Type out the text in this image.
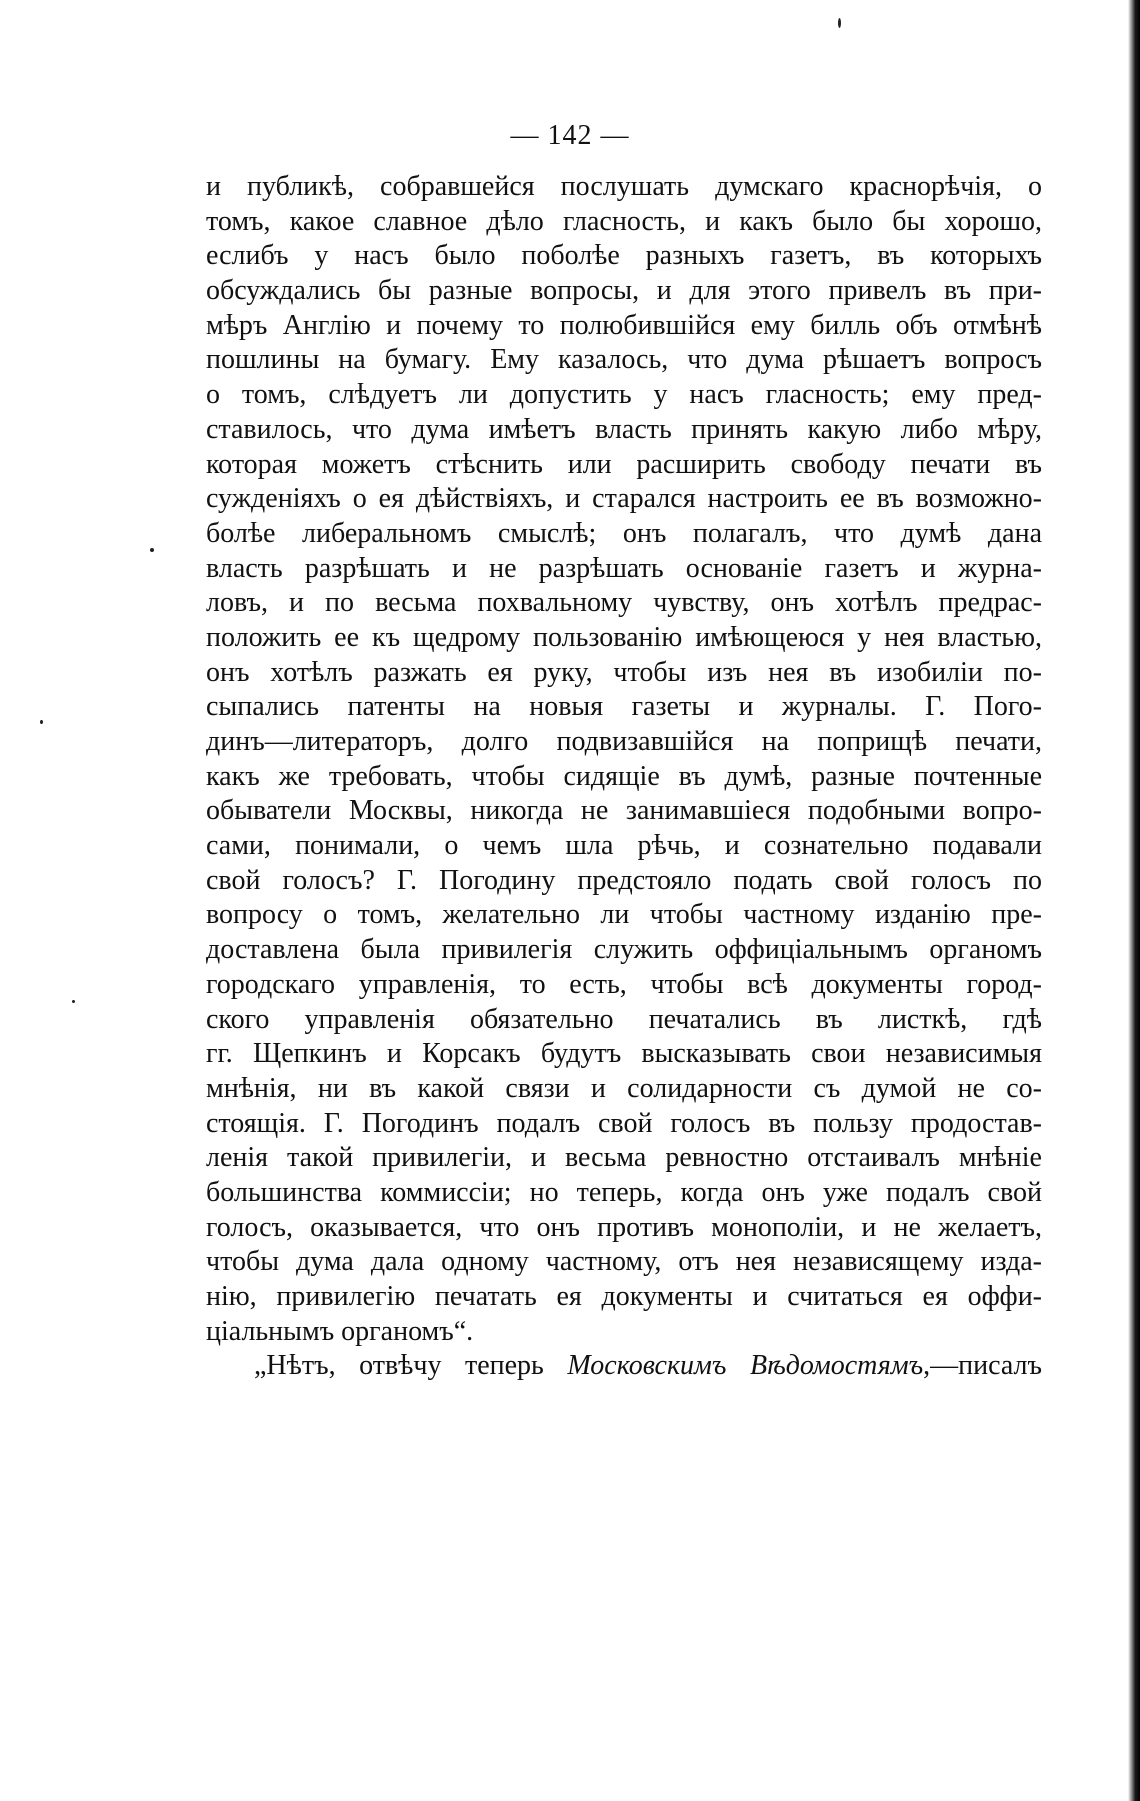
— 142 —
и публикѣ, собравшейся послушать думскаго краснорѣчія, о
томъ, какое славное дѣло гласность, и какъ было бы хорошо,
еслибъ у насъ было поболѣе разныхъ газетъ, въ которыхъ
обсуждались бы разные вопросы, и для этого привелъ въ при-
мѣръ Англію и почему то полюбившійся ему билль объ отмѣнѣ
пошлины на бумагу. Ему казалось, что дума рѣшаетъ вопросъ
о томъ, слѣдуетъ ли допустить у насъ гласность; ему пред-
ставилось, что дума имѣетъ власть принять какую либо мѣру,
которая можетъ стѣснить или расширить свободу печати въ
сужденіяхъ о ея дѣйствіяхъ, и старался настроить ее въ возможно-
болѣе либеральномъ смыслѣ; онъ полагалъ, что думѣ дана
власть разрѣшать и не разрѣшать основаніе газетъ и журна-
ловъ, и по весьма похвальному чувству, онъ хотѣлъ предрас-
положить ее къ щедрому пользованію имѣющеюся у нея властью,
онъ хотѣлъ разжать ея руку, чтобы изъ нея въ изобиліи по-
сыпались патенты на новыя газеты и журналы. Г. Пого-
динъ—литераторъ, долго подвизавшійся на поприщѣ печати,
какъ же требовать, чтобы сидящіе въ думѣ, разные почтенные
обыватели Москвы, никогда не занимавшіеся подобными вопро-
сами, понимали, о чемъ шла рѣчь, и сознательно подавали
свой голосъ? Г. Погодину предстояло подать свой голосъ по
вопросу о томъ, желательно ли чтобы частному изданію пре-
доставлена была привилегія служить оффиціальнымъ органомъ
городскаго управленія, то есть, чтобы всѣ документы город-
ского управленія обязательно печатались въ листкѣ, гдѣ
гг. Щепкинъ и Корсакъ будутъ высказывать свои независимыя
мнѣнія, ни въ какой связи и солидарности съ думой не со-
стоящія. Г. Погодинъ подалъ свой голосъ въ пользу продостав-
ленія такой привилегіи, и весьма ревностно отстаивалъ мнѣніе
большинства коммиссіи; но теперь, когда онъ уже подалъ свой
голосъ, оказывается, что онъ противъ монополіи, и не желаетъ,
чтобы дума дала одному частному, отъ нея независящему изда-
нію, привилегію печатать ея документы и считаться ея оффи-
ціальнымъ органомъ“.
„Нѣтъ, отвѣчу теперь Московскимъ Вѣдомостямъ,—писалъ
